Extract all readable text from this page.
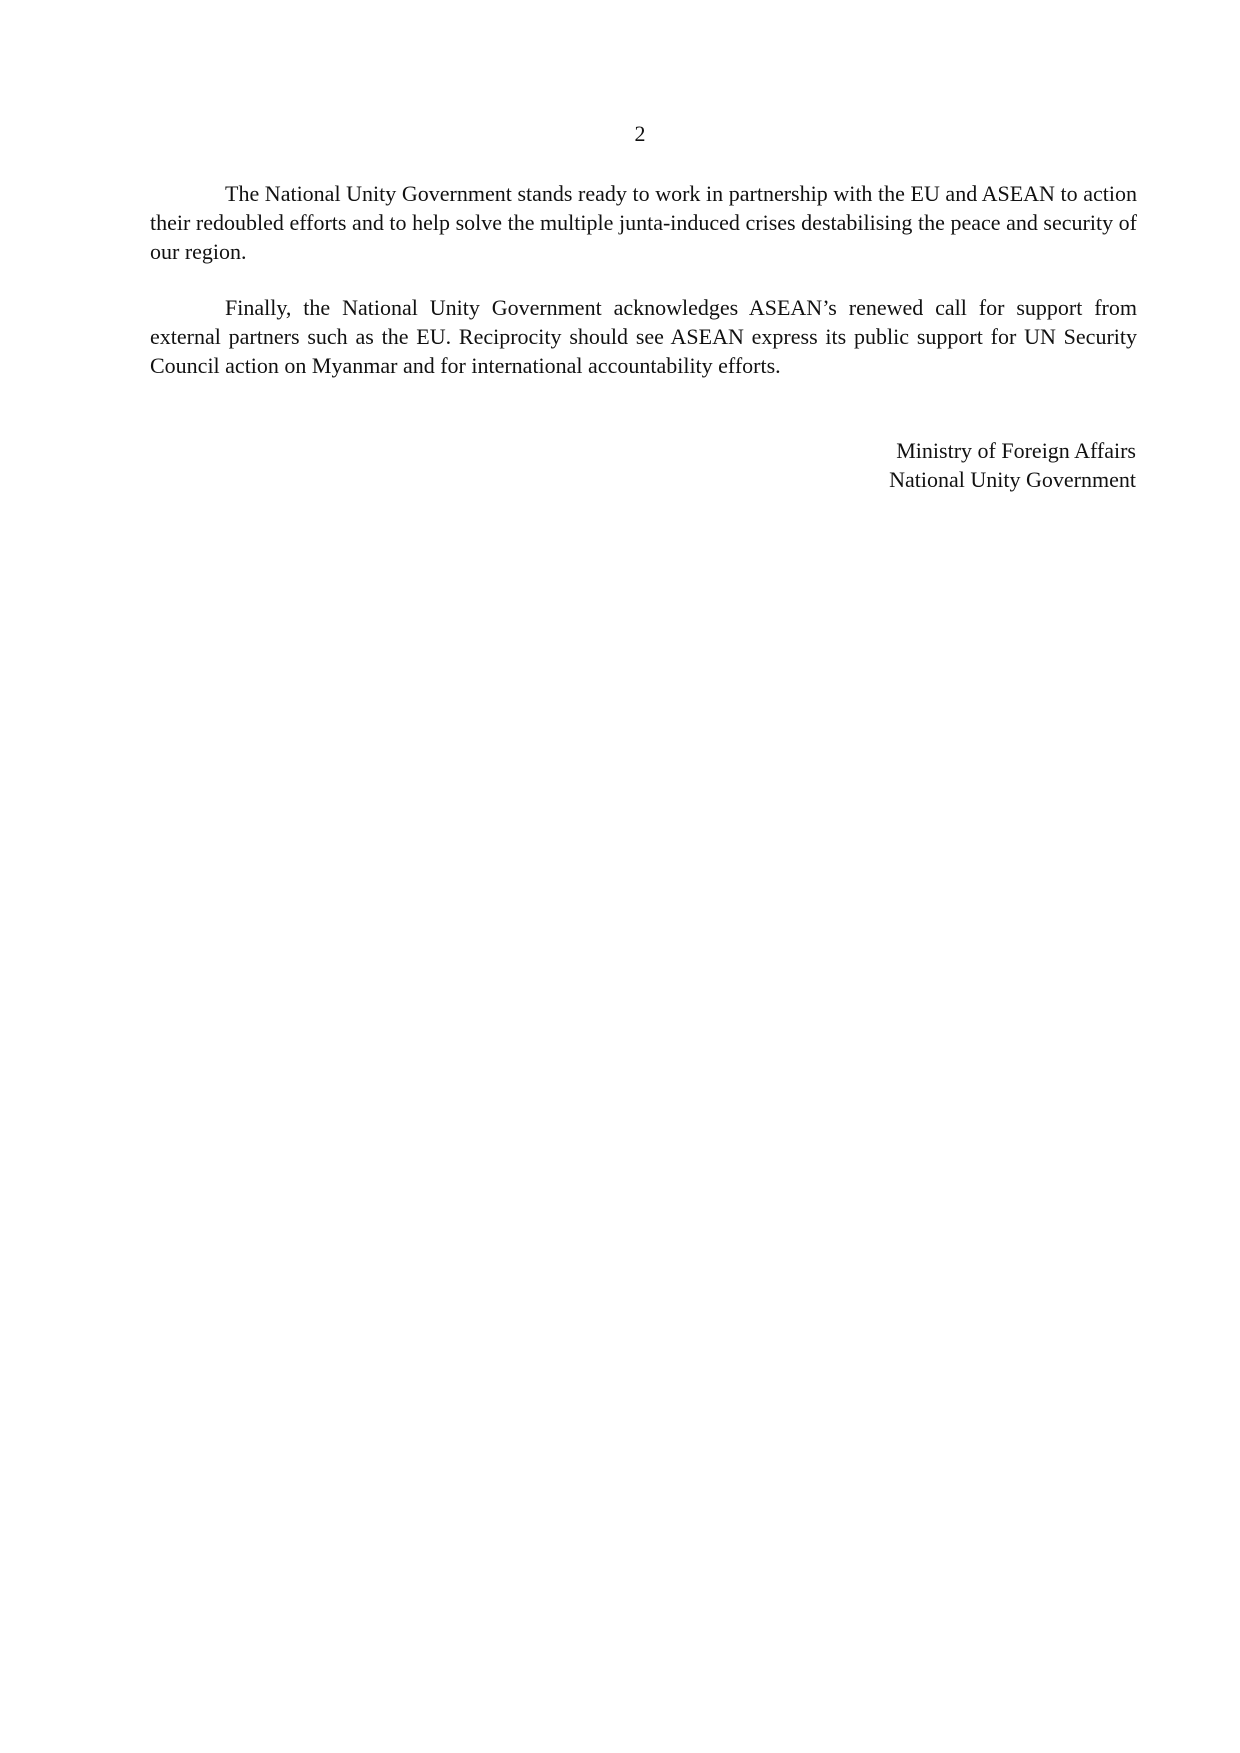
2

The National Unity Government stands ready to work in partnership with the EU and ASEAN to action their redoubled efforts and to help solve the multiple junta-induced crises destabilising the peace and security of our region.

Finally, the National Unity Government acknowledges ASEAN’s renewed call for support from external partners such as the EU. Reciprocity should see ASEAN express its public support for UN Security Council action on Myanmar and for international accountability efforts.

Ministry of Foreign Affairs
National Unity Government
